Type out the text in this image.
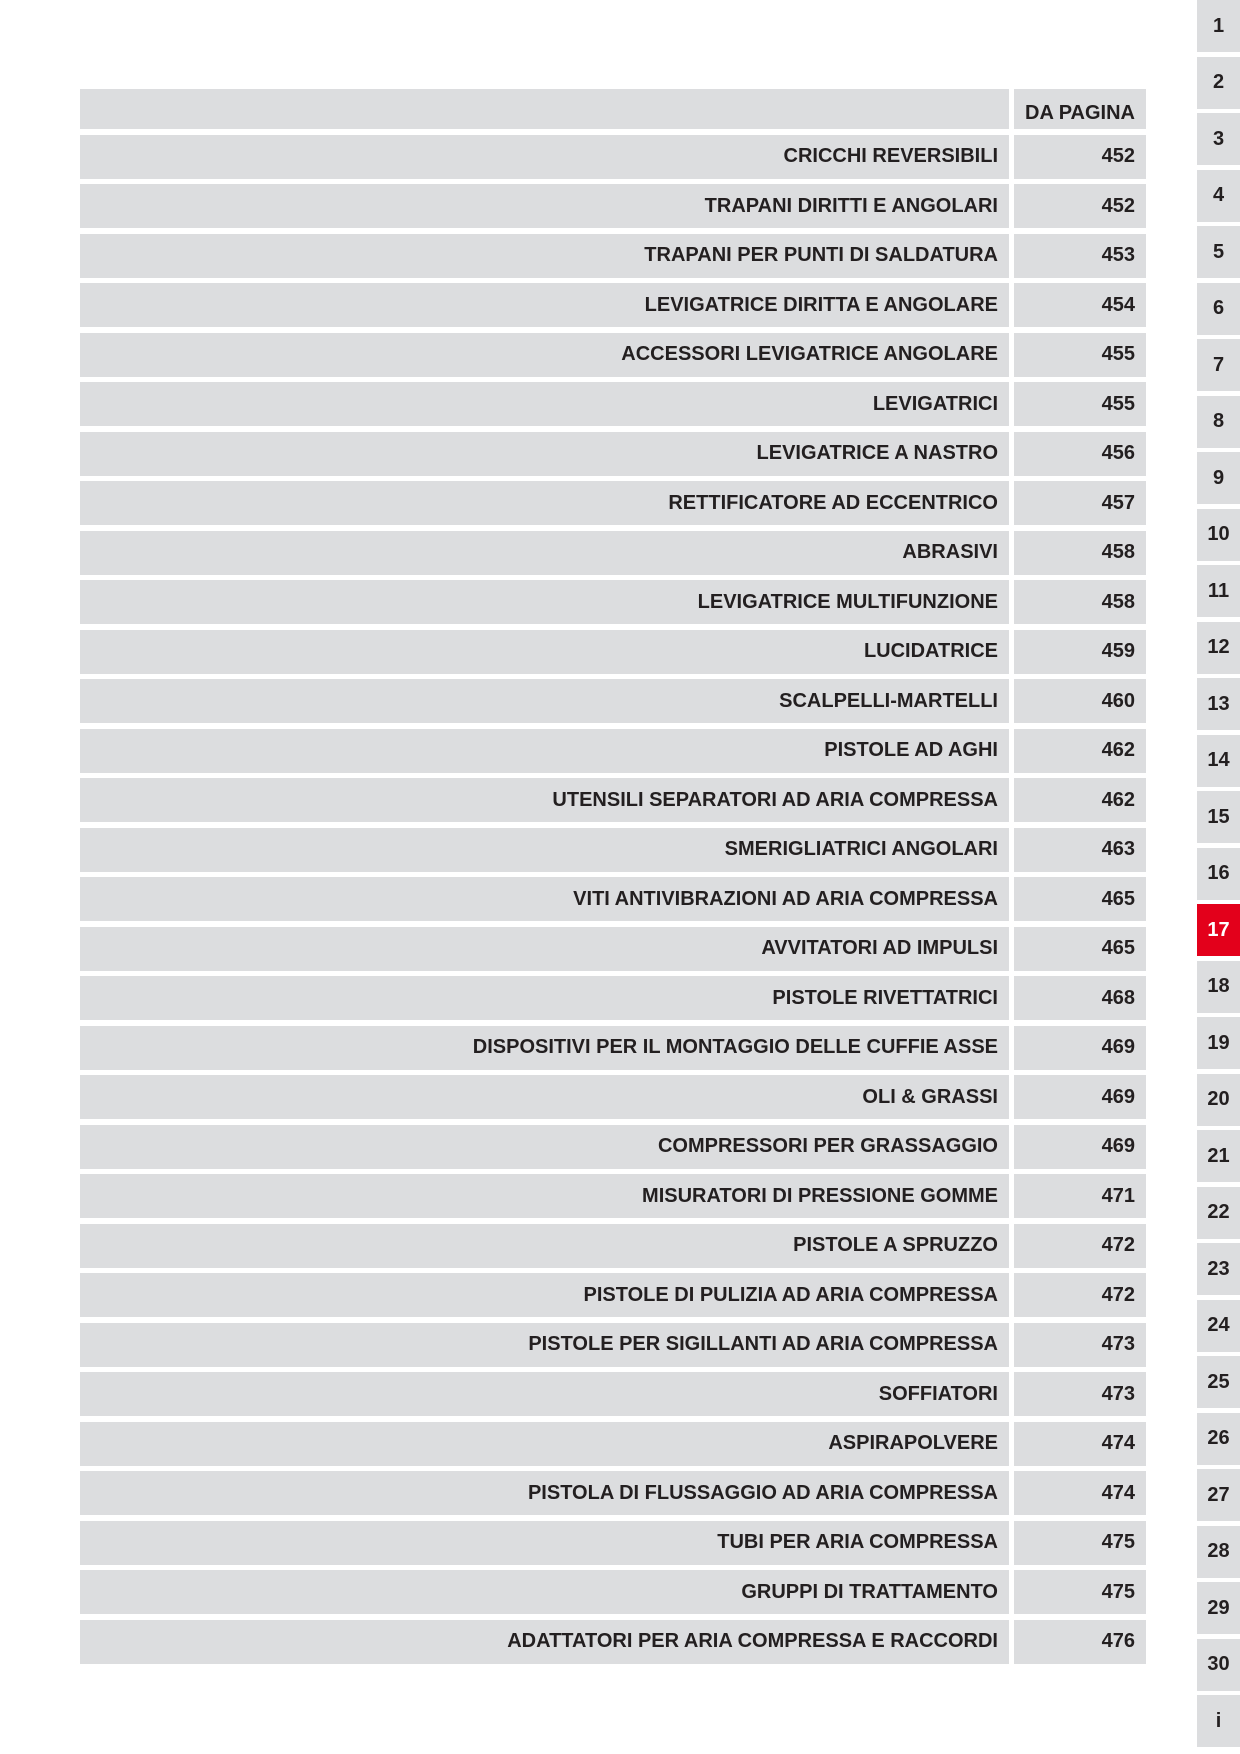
DA PAGINA
CRICCHI REVERSIBILI	452
TRAPANI DIRITTI E ANGOLARI	452
TRAPANI PER PUNTI DI SALDATURA	453
LEVIGATRICE DIRITTA E ANGOLARE	454
ACCESSORI LEVIGATRICE ANGOLARE	455
LEVIGATRICI	455
LEVIGATRICE A NASTRO	456
RETTIFICATORE AD ECCENTRICO	457
ABRASIVI	458
LEVIGATRICE MULTIFUNZIONE	458
LUCIDATRICE	459
SCALPELLI-MARTELLI	460
PISTOLE AD AGHI	462
UTENSILI SEPARATORI AD ARIA COMPRESSA	462
SMERIGLIATRICI ANGOLARI	463
VITI ANTIVIBRAZIONI AD ARIA COMPRESSA	465
AVVITATORI AD IMPULSI	465
PISTOLE RIVETTATRICI	468
DISPOSITIVI PER IL MONTAGGIO DELLE CUFFIE ASSE	469
OLI & GRASSI	469
COMPRESSORI PER GRASSAGGIO	469
MISURATORI DI PRESSIONE GOMME	471
PISTOLE A SPRUZZO	472
PISTOLE DI PULIZIA AD ARIA COMPRESSA	472
PISTOLE PER SIGILLANTI AD ARIA COMPRESSA	473
SOFFIATORI	473
ASPIRAPOLVERE	474
PISTOLA DI FLUSSAGGIO AD ARIA COMPRESSA	474
TUBI PER ARIA COMPRESSA	475
GRUPPI DI TRATTAMENTO	475
ADATTATORI PER ARIA COMPRESSA E RACCORDI	476
1
2
3
4
5
6
7
8
9
10
11
12
13
14
15
16
17
18
19
20
21
22
23
24
25
26
27
28
29
30
i
